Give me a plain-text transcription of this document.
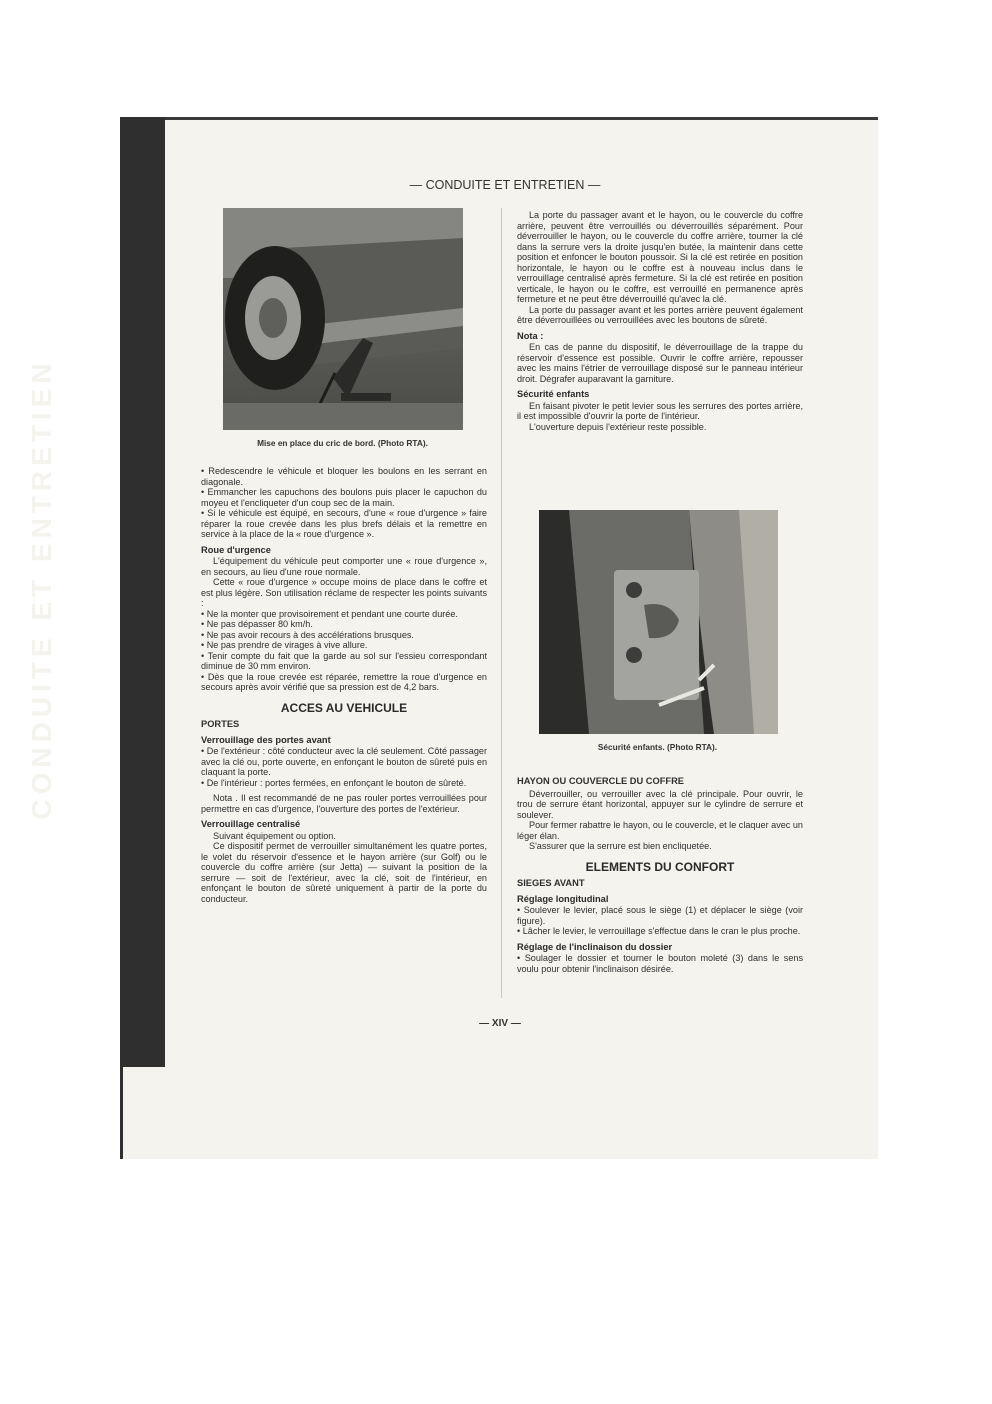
CONDUITE ET ENTRETIEN
— CONDUITE ET ENTRETIEN —
Mise en place du cric de bord. (Photo RTA).

• Redescendre le véhicule et bloquer les boulons en les serrant en diagonale.

• Emmancher les capuchons des boulons puis placer le capuchon du moyeu et l'encliqueter d'un coup sec de la main.

• Si le véhicule est équipé, en secours, d'une « roue d'urgence » faire réparer la roue crevée dans les plus brefs délais et la remettre en service à la place de la « roue d'urgence ».

Roue d'urgence

L'équipement du véhicule peut comporter une « roue d'urgence », en secours, au lieu d'une roue normale.

Cette « roue d'urgence » occupe moins de place dans le coffre et est plus légère. Son utilisation réclame de respecter les points suivants :

• Ne la monter que provisoirement et pendant une courte durée.

• Ne pas dépasser 80 km/h.

• Ne pas avoir recours à des accélérations brusques.

• Ne pas prendre de virages à vive allure.

• Tenir compte du fait que la garde au sol sur l'essieu correspondant diminue de 30 mm environ.

• Dès que la roue crevée est réparée, remettre la roue d'urgence en secours après avoir vérifié que sa pression est de 4,2 bars.

ACCES AU VEHICULE

PORTES

Verrouillage des portes avant

• De l'extérieur : côté conducteur avec la clé seulement. Côté passager avec la clé ou, porte ouverte, en enfonçant le bouton de sûreté puis en claquant la porte.

• De l'intérieur : portes fermées, en enfonçant le bouton de sûreté.

Nota . Il est recommandé de ne pas rouler portes verrouillées pour permettre en cas d'urgence, l'ouverture des portes de l'extérieur.

Verrouillage centralisé

Suivant équipement ou option.

Ce dispositif permet de verrouiller simultanément les quatre portes, le volet du réservoir d'essence et le hayon arrière (sur Golf) ou le couvercle du coffre arrière (sur Jetta) — suivant la position de la serrure — soit de l'extérieur, avec la clé, soit de l'intérieur, en enfonçant le bouton de sûreté uniquement à partir de la porte du conducteur.

La porte du passager avant et le hayon, ou le couvercle du coffre arrière, peuvent être verrouillés ou déverrouillés séparément. Pour déverrouiller le hayon, ou le couvercle du coffre arrière, tourner la clé dans la serrure vers la droite jusqu'en butée, la maintenir dans cette position et enfoncer le bouton poussoir. Si la clé est retirée en position horizontale, le hayon ou le coffre est à nouveau inclus dans le verrouillage centralisé après fermeture. Si la clé est retirée en position verticale, le hayon ou le coffre, est verrouillé en permanence après fermeture et ne peut être déverrouillé qu'avec la clé.

La porte du passager avant et les portes arrière peuvent également être déverrouillées ou verrouillées avec les boutons de sûreté.

Nota :

En cas de panne du dispositif, le déverrouillage de la trappe du réservoir d'essence est possible. Ouvrir le coffre arrière, repousser avec les mains l'étrier de verrouillage disposé sur le panneau intérieur droit. Dégrafer auparavant la garniture.

Sécurité enfants

En faisant pivoter le petit levier sous les serrures des portes arrière, il est impossible d'ouvrir la porte de l'intérieur.

L'ouverture depuis l'extérieur reste possible.

Sécurité enfants. (Photo RTA).

HAYON OU COUVERCLE DU COFFRE

Déverrouiller, ou verrouiller avec la clé principale. Pour ouvrir, le trou de serrure étant horizontal, appuyer sur le cylindre de serrure et soulever.

Pour fermer rabattre le hayon, ou le couvercle, et le claquer avec un léger élan.

S'assurer que la serrure est bien encliquetée.

ELEMENTS DU CONFORT

SIEGES AVANT

Réglage longitudinal

• Soulever le levier, placé sous le siège (1) et déplacer le siège (voir figure).

• Lâcher le levier, le verrouillage s'effectue dans le cran le plus proche.

Réglage de l'inclinaison du dossier

• Soulager le dossier et tourner le bouton moleté (3) dans le sens voulu pour obtenir l'inclinaison désirée.

— XIV —
